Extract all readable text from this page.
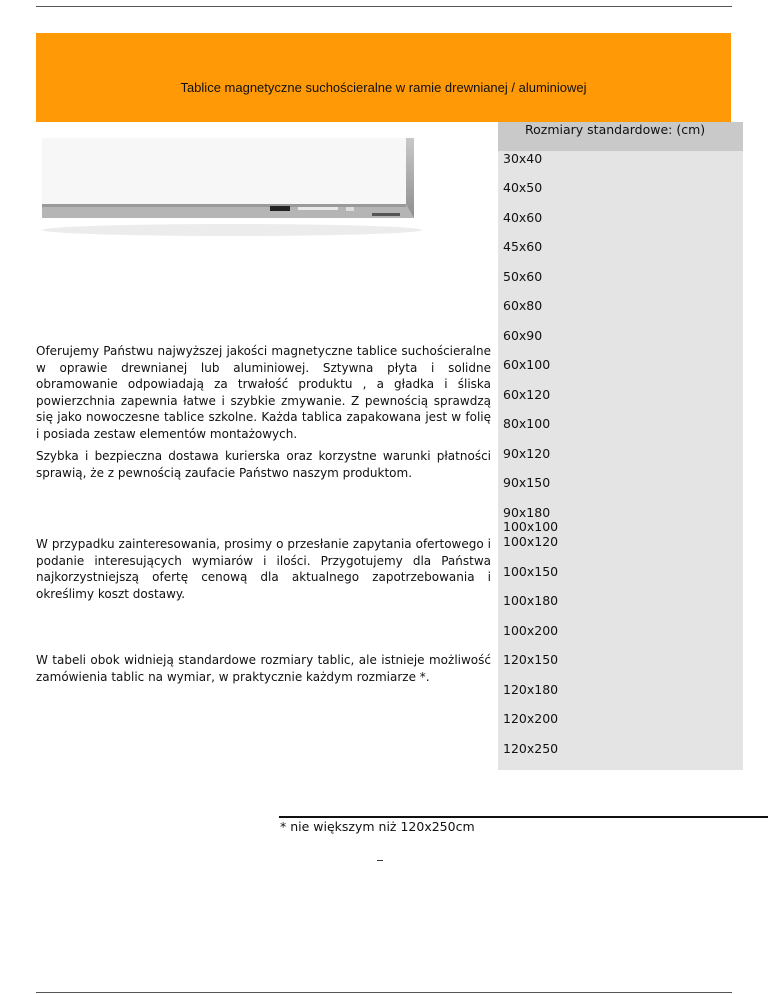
Tablice magnetyczne suchościeralne w ramie drewnianej / aluminiowej
Oferujemy Państwu najwyższej jakości magnetyczne tablice suchościeralne w oprawie drewnianej lub aluminiowej. Sztywna płyta i solidne obramowanie odpowiadają za trwałość produktu , a gładka i śliska powierzchnia zapewnia łatwe i szybkie zmywanie. Z pewnością sprawdzą się jako nowoczesne tablice szkolne. Każda tablica zapakowana jest w folię i posiada zestaw elementów montażowych.
Szybka i bezpieczna dostawa kurierska oraz korzystne warunki płatności sprawią, że z pewnością zaufacie Państwo naszym produktom.
W przypadku zainteresowania, prosimy o przesłanie zapytania ofertowego i podanie interesujących wymiarów i ilości. Przygotujemy dla Państwa najkorzystniejszą ofertę cenową dla aktualnego zapotrzebowania i określimy koszt dostawy.
W tabeli obok widnieją standardowe rozmiary tablic, ale istnieje możliwość zamówienia tablic na wymiar, w praktycznie każdym rozmiarze *.
Rozmiary standardowe: (cm)
30x40
40x50
40x60
45x60
50x60
60x80
60x90
60x100
60x120
80x100
90x120
90x150
90x180
100x100
100x120
100x150
100x180
100x200
120x150
120x180
120x200
120x250
* nie większym niż 120x250cm
